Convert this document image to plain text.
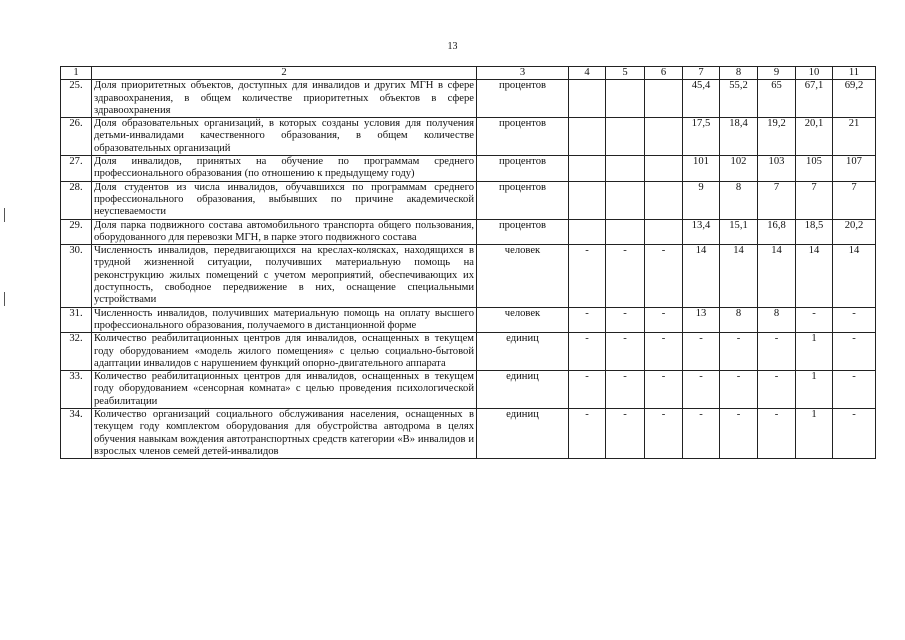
13
1	2	3	4	5	6	7	8	9	10	11
25.	Доля приоритетных объектов, доступных для инвалидов и других МГН в сфере здравоохранения, в общем количестве приоритетных объектов в сфере здравоохранения	процентов				45,4	55,2	65	67,1	69,2
26.	Доля образовательных организаций, в которых созданы условия для получения детьми-инвалидами качественного образования, в общем количестве образовательных организаций	процентов				17,5	18,4	19,2	20,1	21
27.	Доля инвалидов, принятых на обучение по программам среднего профессионального образования (по отношению к предыдущему году)	процентов				101	102	103	105	107
28.	Доля студентов из числа инвалидов, обучавшихся по программам среднего профессионального образования, выбывших по причине академической неуспеваемости	процентов				9	8	7	7	7
29.	Доля парка подвижного состава автомобильного транспорта общего пользования, оборудованного для перевозки МГН, в парке этого подвижного состава	процентов				13,4	15,1	16,8	18,5	20,2
30.	Численность инвалидов, передвигающихся на креслах-колясках, находящихся в трудной жизненной ситуации, получивших материальную помощь на реконструкцию жилых помещений с учетом мероприятий, обеспечивающих их доступность, свободное передвижение в них, оснащение специальными устройствами	человек	-	-	-	14	14	14	14	14
31.	Численность инвалидов, получивших материальную помощь на оплату высшего профессионального образования, получаемого в дистанционной форме	человек	-	-	-	13	8	8	-	-
32.	Количество реабилитационных центров для инвалидов, оснащенных в текущем году оборудованием «модель жилого помещения» с целью социально-бытовой адаптации инвалидов с нарушением функций опорно-двигательного аппарата	единиц	-	-	-	-	-	-	1	-
33.	Количество реабилитационных центров для инвалидов, оснащенных в текущем году оборудованием «сенсорная комната» с целью проведения психологической реабилитации	единиц	-	-	-	-	-	-	1	-
34.	Количество организаций социального обслуживания населения, оснащенных в текущем году комплектом оборудования для обустройства автодрома в целях обучения навыкам вождения автотранспортных средств категории «В» инвалидов и взрослых членов семей детей-инвалидов	единиц	-	-	-	-	-	-	1	-
